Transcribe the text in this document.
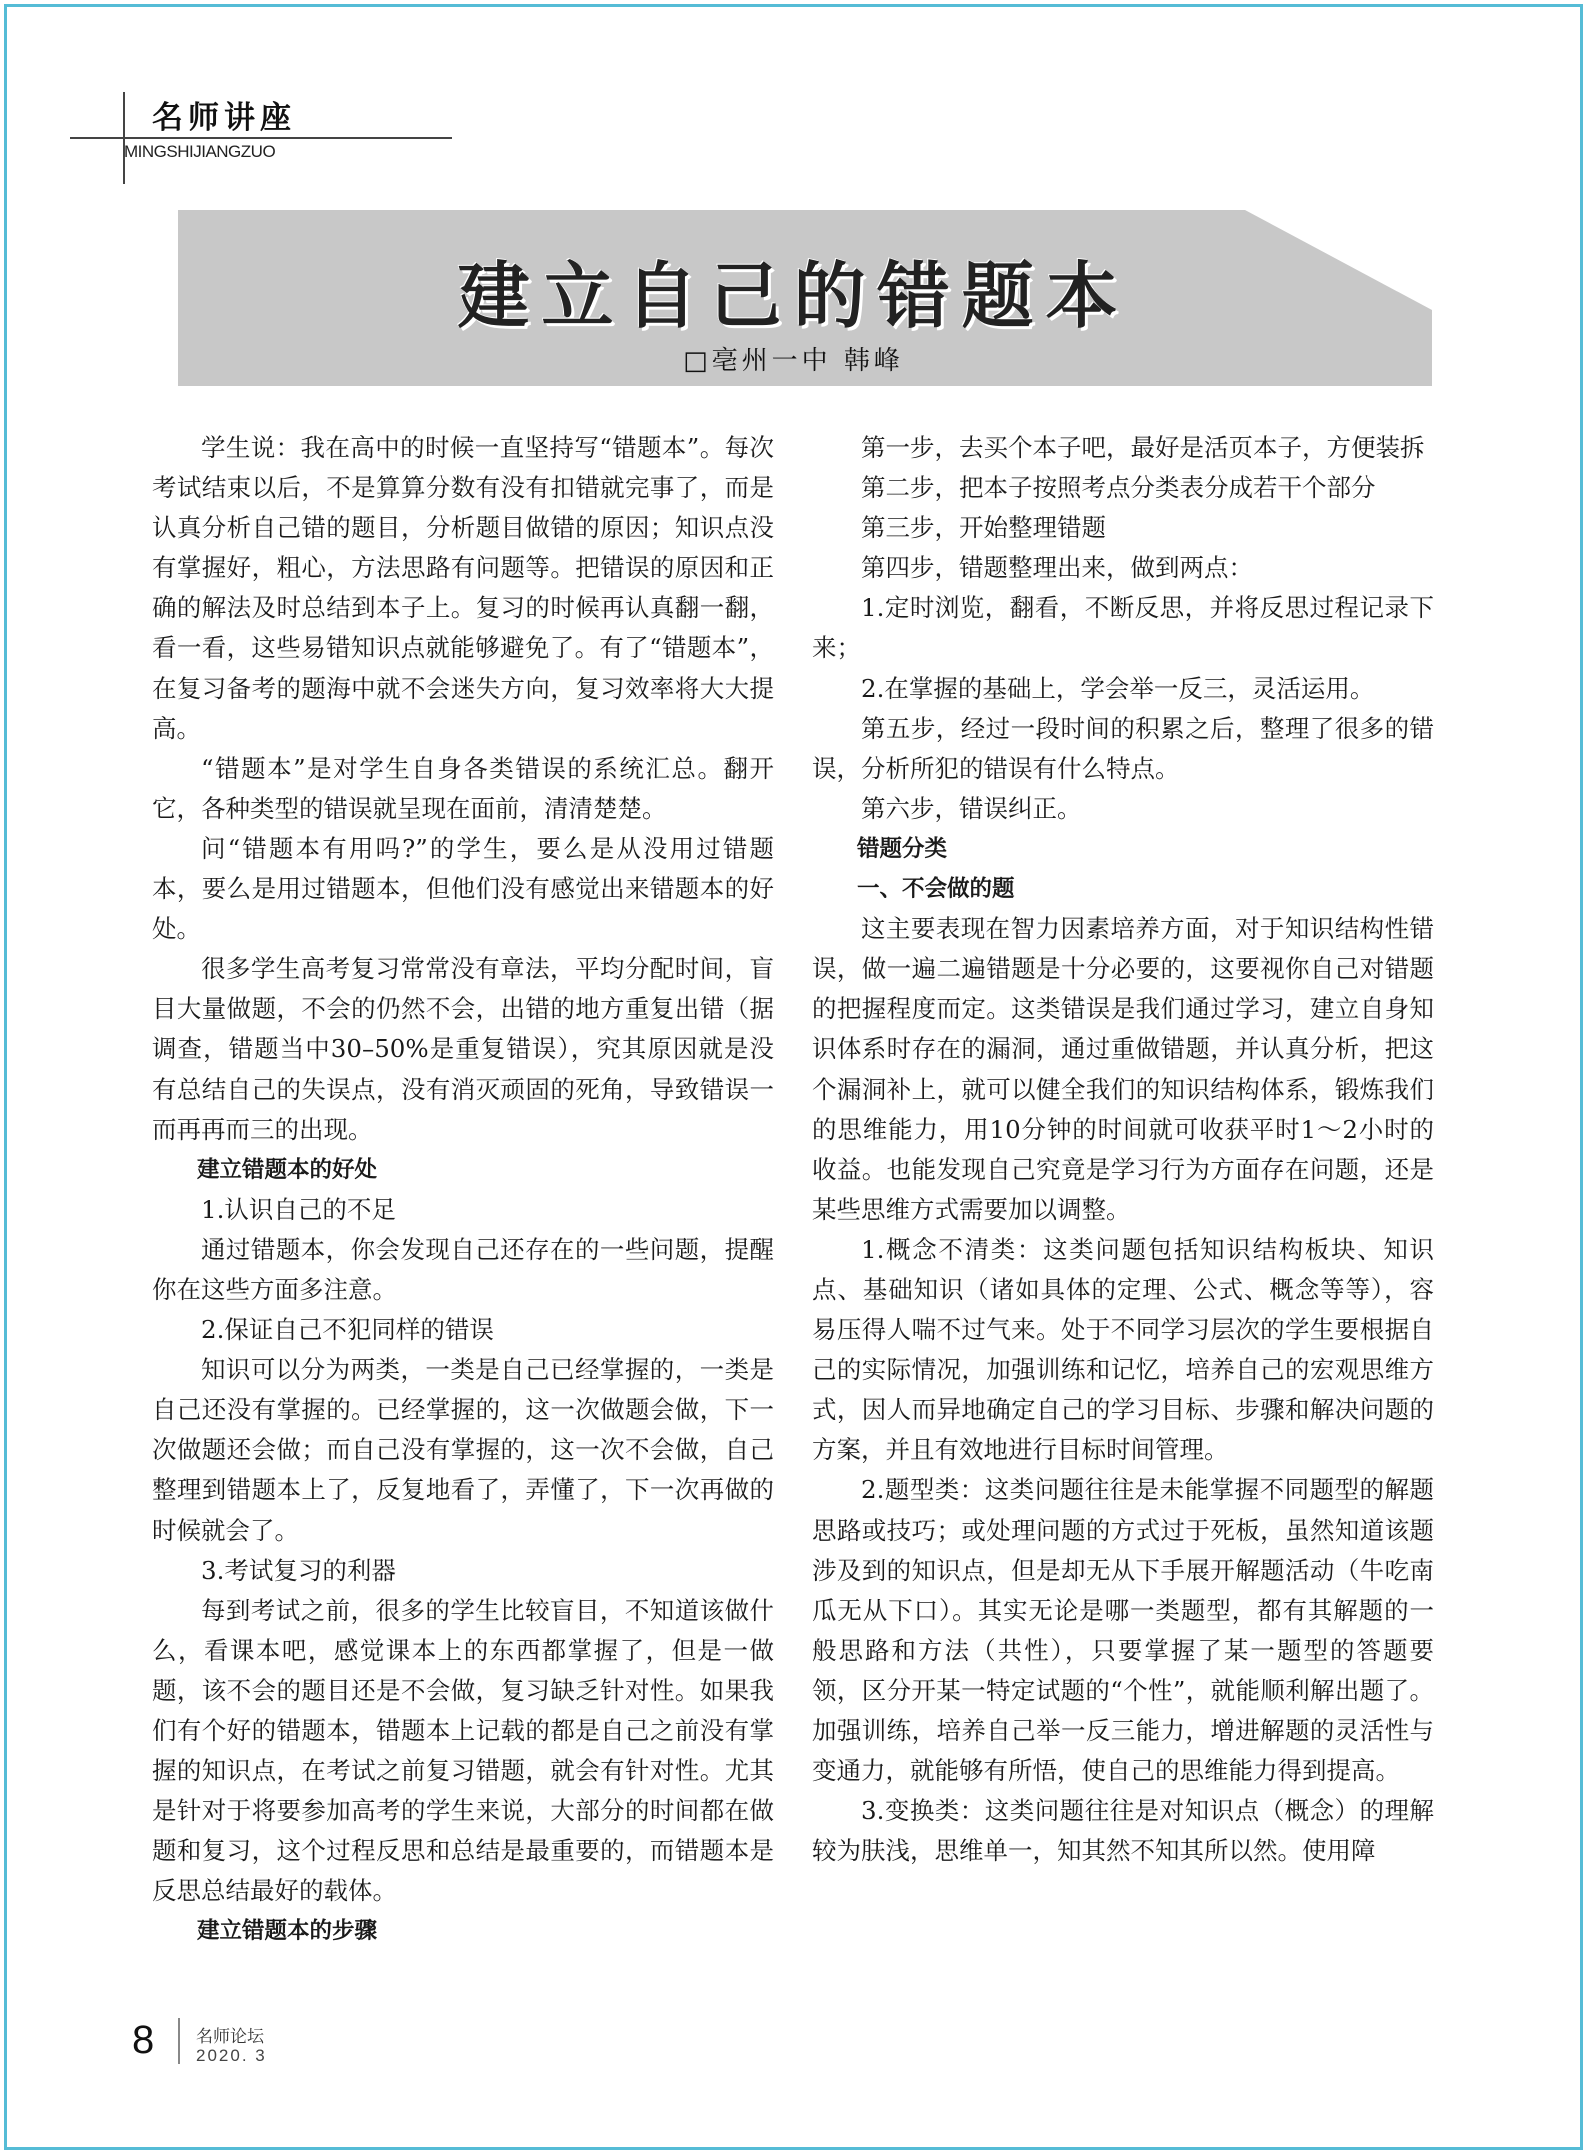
名师讲座
MINGSHIJIANGZUO
建立自己的错题本
□亳州一中 韩峰

学生说：我在高中的时候一直坚持写“错题本”。每次考试结束以后，不是算算分数有没有扣错就完事了，而是认真分析自己错的题目，分析题目做错的原因；知识点没有掌握好，粗心，方法思路有问题等。把错误的原因和正确的解法及时总结到本子上。复习的时候再认真翻一翻，看一看，这些易错知识点就能够避免了。有了“错题本”，在复习备考的题海中就不会迷失方向，复习效率将大大提高。

“错题本”是对学生自身各类错误的系统汇总。翻开它，各种类型的错误就呈现在面前，清清楚楚。

问“错题本有用吗?”的学生，要么是从没用过错题本，要么是用过错题本，但他们没有感觉出来错题本的好处。

很多学生高考复习常常没有章法，平均分配时间，盲目大量做题，不会的仍然不会，出错的地方重复出错（据调查，错题当中30–50%是重复错误），究其原因就是没有总结自己的失误点，没有消灭顽固的死角，导致错误一而再再而三的出现。

建立错题本的好处

1.认识自己的不足

通过错题本，你会发现自己还存在的一些问题，提醒你在这些方面多注意。

2.保证自己不犯同样的错误

知识可以分为两类，一类是自己已经掌握的，一类是自己还没有掌握的。已经掌握的，这一次做题会做，下一次做题还会做；而自己没有掌握的，这一次不会做，自己整理到错题本上了，反复地看了，弄懂了，下一次再做的时候就会了。

3.考试复习的利器

每到考试之前，很多的学生比较盲目，不知道该做什么，看课本吧，感觉课本上的东西都掌握了，但是一做题，该不会的题目还是不会做，复习缺乏针对性。如果我们有个好的错题本，错题本上记载的都是自己之前没有掌握的知识点，在考试之前复习错题，就会有针对性。尤其是针对于将要参加高考的学生来说，大部分的时间都在做题和复习，这个过程反思和总结是最重要的，而错题本是反思总结最好的载体。

建立错题本的步骤

第一步，去买个本子吧，最好是活页本子，方便装拆

第二步，把本子按照考点分类表分成若干个部分

第三步，开始整理错题

第四步，错题整理出来，做到两点：

1.定时浏览，翻看，不断反思，并将反思过程记录下来；

2.在掌握的基础上，学会举一反三，灵活运用。

第五步，经过一段时间的积累之后，整理了很多的错误，分析所犯的错误有什么特点。

第六步，错误纠正。

错题分类

一、不会做的题

这主要表现在智力因素培养方面，对于知识结构性错误，做一遍二遍错题是十分必要的，这要视你自己对错题的把握程度而定。这类错误是我们通过学习，建立自身知识体系时存在的漏洞，通过重做错题，并认真分析，把这个漏洞补上，就可以健全我们的知识结构体系，锻炼我们的思维能力，用10分钟的时间就可收获平时1～2小时的收益。也能发现自己究竟是学习行为方面存在问题，还是某些思维方式需要加以调整。

1.概念不清类：这类问题包括知识结构板块、知识点、基础知识（诸如具体的定理、公式、概念等等），容易压得人喘不过气来。处于不同学习层次的学生要根据自己的实际情况，加强训练和记忆，培养自己的宏观思维方式，因人而异地确定自己的学习目标、步骤和解决问题的方案，并且有效地进行目标时间管理。

2.题型类：这类问题往往是未能掌握不同题型的解题思路或技巧；或处理问题的方式过于死板，虽然知道该题涉及到的知识点，但是却无从下手展开解题活动（牛吃南瓜无从下口）。其实无论是哪一类题型，都有其解题的一般思路和方法（共性），只要掌握了某一题型的答题要领，区分开某一特定试题的“个性”，就能顺利解出题了。加强训练，培养自己举一反三能力，增进解题的灵活性与变通力，就能够有所悟，使自己的思维能力得到提高。

3.变换类：这类问题往往是对知识点（概念）的理解较为肤浅，思维单一，知其然不知其所以然。使用障

8 名师论坛
2020. 3
